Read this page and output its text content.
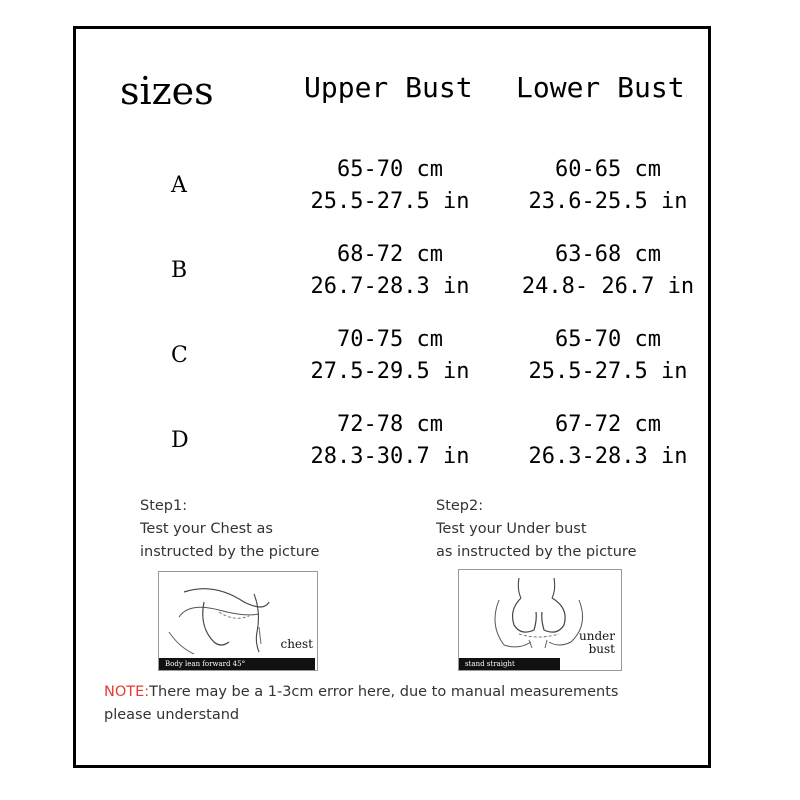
sizes	Upper Bust Lower Bust
A
65-70 cm
25.5-27.5 in
60-65 cm
23.6-25.5 in
B
68-72 cm
26.7-28.3 in
63-68 cm
24.8- 26.7 in
C
70-75 cm
27.5-29.5 in
65-70 cm
25.5-27.5 in
D
72-78 cm
28.3-30.7 in
67-72 cm
26.3-28.3 in
Step1:
Test your Chest as
instructed by the picture
Step2:
Test your Under bust
as instructed by the picture
chest
Body lean forward 45°
under
bust
stand straight
NOTE:There may be a 1-3cm error here, due to manual measurements
please understand
